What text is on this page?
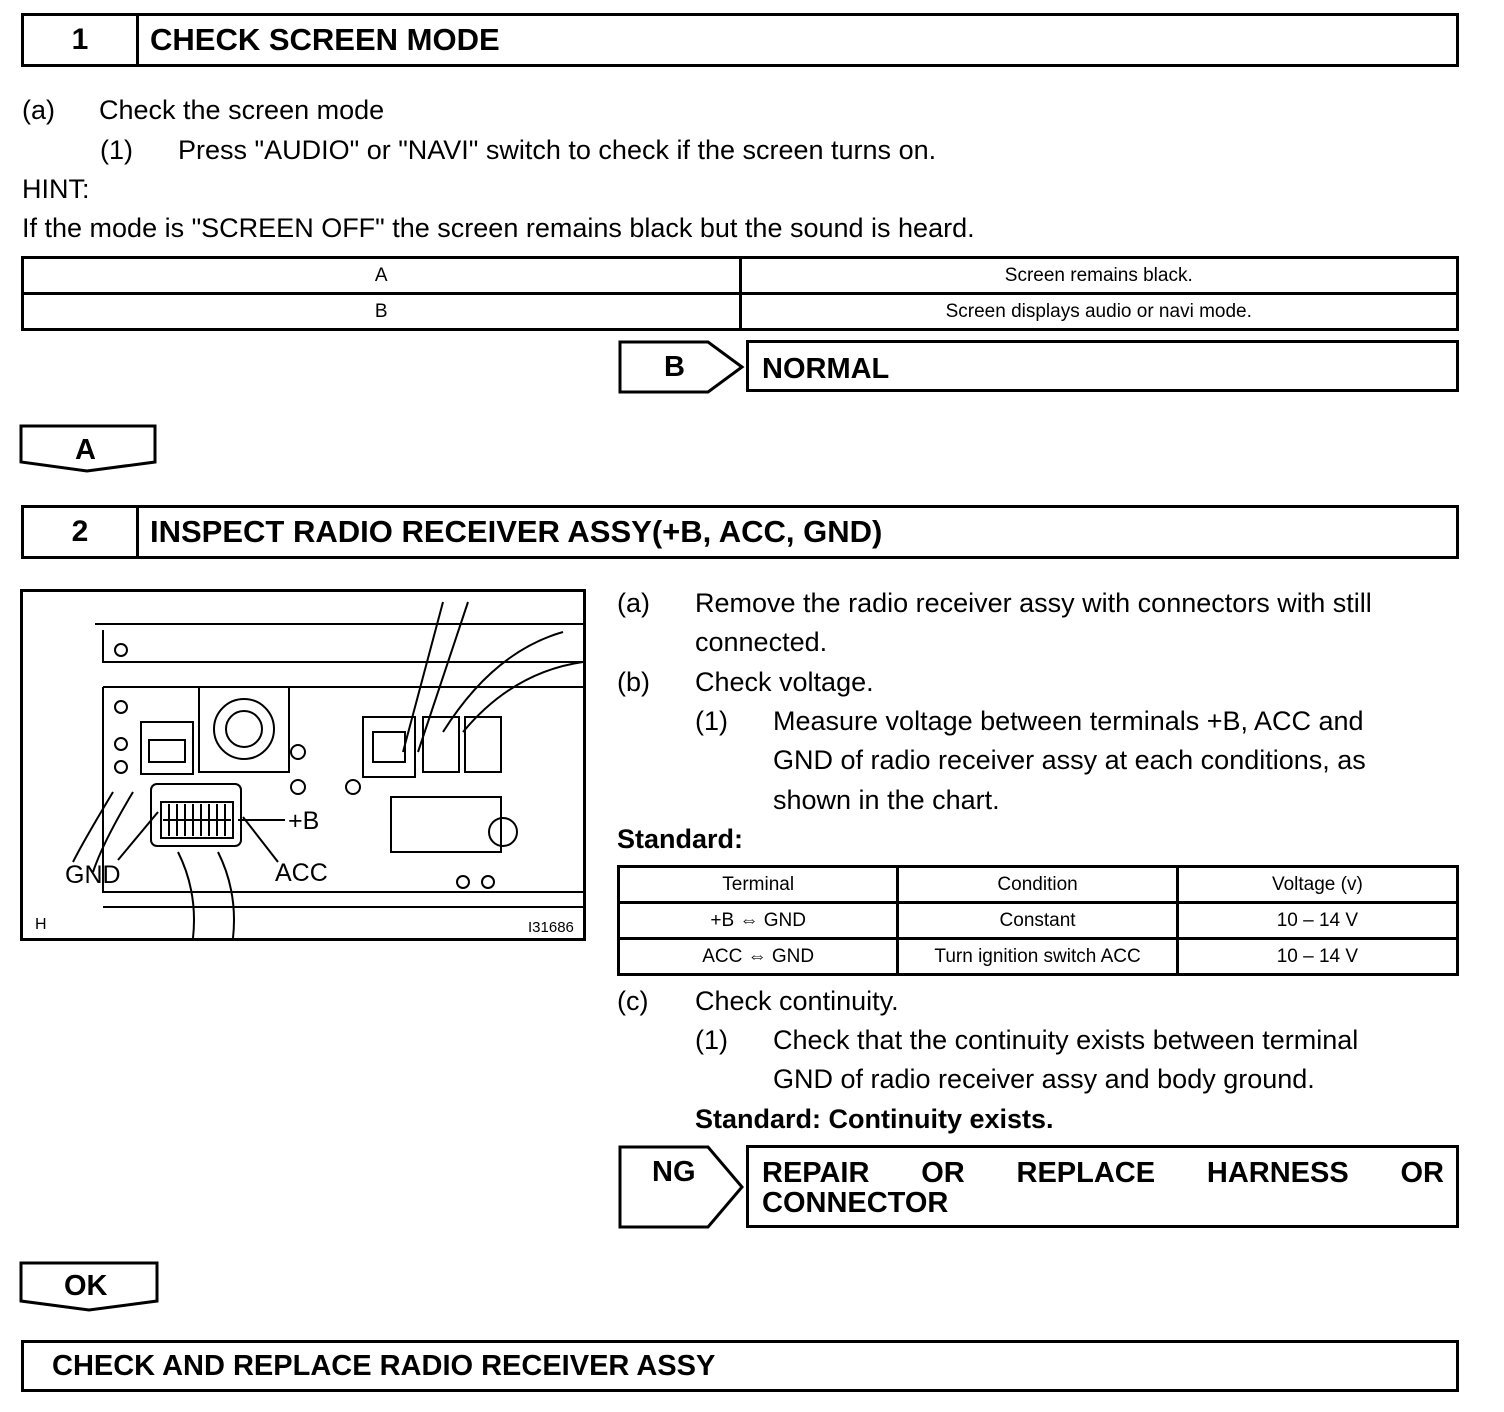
1	CHECK SCREEN MODE
(a) Check the screen mode
(1) Press "AUDIO" or "NAVI" switch to check if the screen turns on.
HINT:
If the mode is "SCREEN OFF" the screen remains black but the sound is heard.
A	Screen remains black.
B	Screen displays audio or navi mode.
B	NORMAL
A
2	INSPECT RADIO RECEIVER ASSY(+B, ACC, GND)
GND
+B
ACC
H	I31686
(a) Remove the radio receiver assy with connectors with still
connected.
(b) Check voltage.
(1) Measure voltage between terminals +B, ACC and
GND of radio receiver assy at each conditions, as
shown in the chart.
Standard:
Terminal	Condition	Voltage (v)
+B ⇔ GND	Constant	10 – 14 V
ACC ⇔ GND	Turn ignition switch ACC	10 – 14 V
(c) Check continuity.
(1) Check that the continuity exists between terminal
GND of radio receiver assy and body ground.
Standard: Continuity exists.
NG REPAIR OR REPLACE HARNESS OR
CONNECTOR
OK
CHECK AND REPLACE RADIO RECEIVER ASSY
